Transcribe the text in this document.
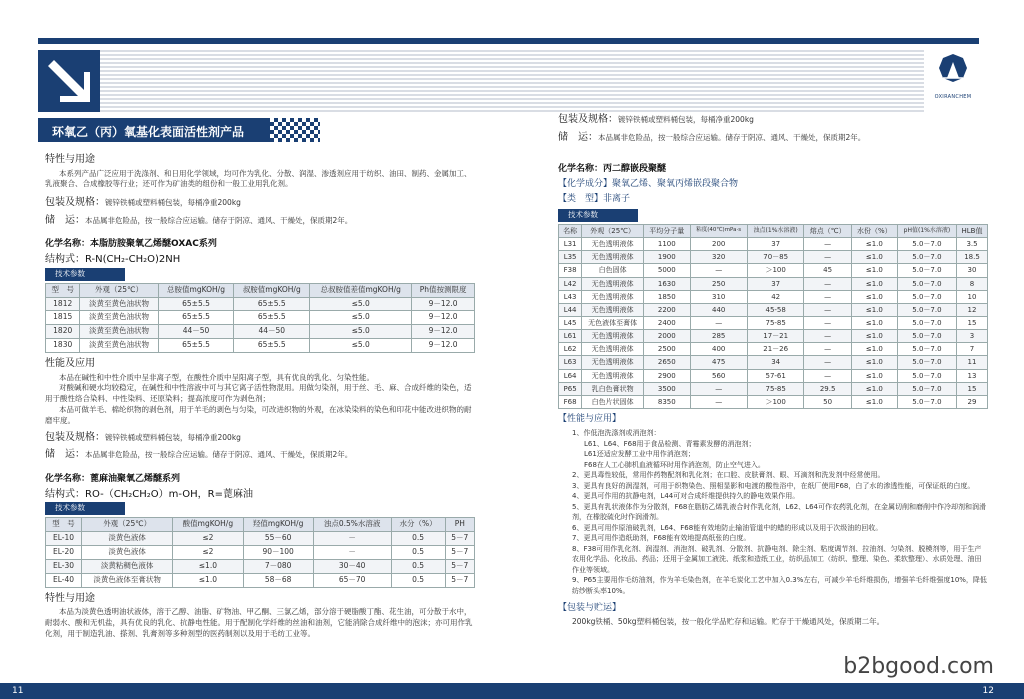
环氧乙（丙）氧基化表面活性剂产品
特性与用途

本系列产品广泛应用于洗涤剂、和日用化学领域，均可作为乳化、分散、润湿、渗透剂应用于纺织、油田、制药、金属加工、乳液聚合、合成橡胶等行业；还可作为矿油类的组份和一般工业用乳化剂。

包装及规格：镀锌铁桶或塑料桶包装，每桶净重200kg
储　运：本品属非危险品，按一般综合应运输。储存于阴凉、通风、干燥处，保质期2年。
化学名称：本脂肪胺聚氧乙烯醚OXAC系列
结构式：R-N(CH₂-CH₂O)2NH
技术参数
型　号	外观（25℃）	总胺值mgKOH/g	叔胺值mgKOH/g	总叔胺值差值mgKOH/g	Ph值按测限度
1812	淡黄至黄色油状物	65±5.5	65±5.5	≤5.0	9－12.0
1815	淡黄至黄色油状物	65±5.5	65±5.5	≤5.0	9－12.0
1820	淡黄至黄色油状物	44－50	44－50	≤5.0	9－12.0
1830	淡黄至黄色油状物	65±5.5	65±5.5	≤5.0	9－12.0
性能及应用

本品在碱性和中性介质中呈非离子型，在酸性介质中呈阳离子型，具有优良的乳化、匀染性能。

对酸碱和硬水均较稳定，在碱性和中性溶液中可与其它离子活性物混用。用做匀染剂，用于丝、毛、麻、合成纤维的染色，适用于酸性络合染料、中性染料、还原染料；提高浓度可作为剥色剂；

本品可做羊毛、棉纶织物的剥色剂，用于羊毛的剥色与匀染，可改进织物的外观，在冰染染料的染色和印花中能改进织物的耐磨牢度。

包装及规格：镀锌铁桶或塑料桶包装，每桶净重200kg
储　运：本品属非危险品，按一般综合应运输。储存于阴凉、通风、干燥处，保质期2年。
化学名称：蓖麻油聚氧乙烯醚系列
结构式：RO-（CH₂CH₂O）m-OH，R=蓖麻油
技术参数
型　号	外观（25℃）	酸值mgKOH/g	羟值mgKOH/g	浊点0.5%水溶液	水分（%）	PH
EL-10	淡黄色液体	≤2	55－60	－	0.5	5－7
EL-20	淡黄色液体	≤2	90－100	－	0.5	5－7
EL-30	淡黄粘稠色液体	≤1.0	7－080	30－40	0.5	5－7
EL-40	淡黄色液体至膏状物	≤1.0	58－68	65－70	0.5	5－7
特性与用途

本品为淡黄色透明油状液体，溶于乙醇、油脂、矿物油、甲乙酮、三氯乙烯，部分溶于硬脂酸丁酯、花生油，可分散于水中，耐弱水、酸和无机盐，具有优良的乳化、抗静电性能。用于配制化学纤维的丝油和油剂，它能消除合成纤维中的泡沫；亦可用作乳化剂，用于制造乳油、搽剂、乳膏剂等多种剂型的医药制剂以及用于毛纺工业等。

11
OXIRANCHEM
包装及规格：镀锌铁桶或塑料桶包装，每桶净重200kg
储　运：本品属非危险品，按一般综合应运输。储存于阴凉、通风、干燥处，保质期2年。
化学名称：丙二醇嵌段聚醚
【化学成分】聚氧乙烯、聚氧丙烯嵌段聚合物
【类　型】非离子
技术参数
名称	外观（25℃）	平均分子量	粘度(40℃)mPa·s	浊点(1%水溶液)	熔点（℃）	水份（%）	pH值(1%水溶液)	HLB值
L31	无色透明液体	1100	200	37	—	≤1.0	5.0－7.0	3.5
L35	无色透明液体	1900	320	70－85	—	≤1.0	5.0－7.0	18.5
F38	白色固体	5000	—	＞100	45	≤1.0	5.0－7.0	30
L42	无色透明液体	1630	250	37	—	≤1.0	5.0－7.0	8
L43	无色透明液体	1850	310	42	—	≤1.0	5.0－7.0	10
L44	无色透明液体	2200	440	45-58	—	≤1.0	5.0－7.0	12
L45	无色液体至膏体	2400	—	75-85	—	≤1.0	5.0－7.0	15
L61	无色透明液体	2000	285	17－21	—	≤1.0	5.0－7.0	3
L62	无色透明液体	2500	400	21－26	—	≤1.0	5.0－7.0	7
L63	无色透明液体	2650	475	34	—	≤1.0	5.0－7.0	11
L64	无色透明液体	2900	560	57-61	—	≤1.0	5.0－7.0	13
P65	乳白色膏状物	3500	—	75-85	29.5	≤1.0	5.0－7.0	15
F68	白色片状固体	8350	—	＞100	50	≤1.0	5.0－7.0	29
【性能与应用】
1、作低泡洗涤剂或消泡剂：
L61、L64、F68用于食品检测、青霉素发酵的消泡剂；
L61还适应发酵工业中用作消泡剂；
F68在人工心肺机血液循环时用作消泡剂，防止空气进入。
2、更具毒性较低，常用作药物配剂和乳化剂；在口腔、皮肤膏剂、眼、耳滴剂和洗发剂中经常使用。
3、更具有良好的润湿剂，可用于织物染色、照相显影和电渡的酸性浴中，在纸厂使用F68，白了水的渗透性能，可保证纸的白度。
4、更具可作用的抗静电剂，L44可对合成纤维提供持久的静电效果作用。
5、更具有乳状液体作为分散剂，F68在脂肪乙烯乳液合时作乳化剂，L62、L64可作农药乳化剂，在金属切削和磨削中作冷却剂和润滑剂，在橡胶硫化时作润滑剂。
6、更具可用作原油破乳剂，L64、F68能有效地防止输油管道中的蜡的形成以及用于次级油的回收。
7、更具可用作造纸助剂，F68能有效地提高纸张的白度。
8、F38可用作乳化剂、润湿剂、消泡剂、破乳剂、分散剂、抗静电剂、除尘剂、粘度调节剂、拉油剂、匀染剂、脱模剂等，用于生产农用化学品、化妆品、药品；还用于金属加工液洗、纸浆和造纸工业，纺织品加工（纺织、整理、染色、柔软整理）、水质处理、油田作业等领域。
9、P65主要用作毛纺油剂，作为羊毛染色剂，在羊毛炭化工艺中加入0.3%左右，可减少羊毛纤维损伤，增强羊毛纤维强度10%，降低纺纱断头率10%。
【包装与贮运】

200kg铁桶、50kg塑料桶包装，按一般化学品贮存和运输。贮存于干燥通风处，保质期二年。

b2bgood.com
12
